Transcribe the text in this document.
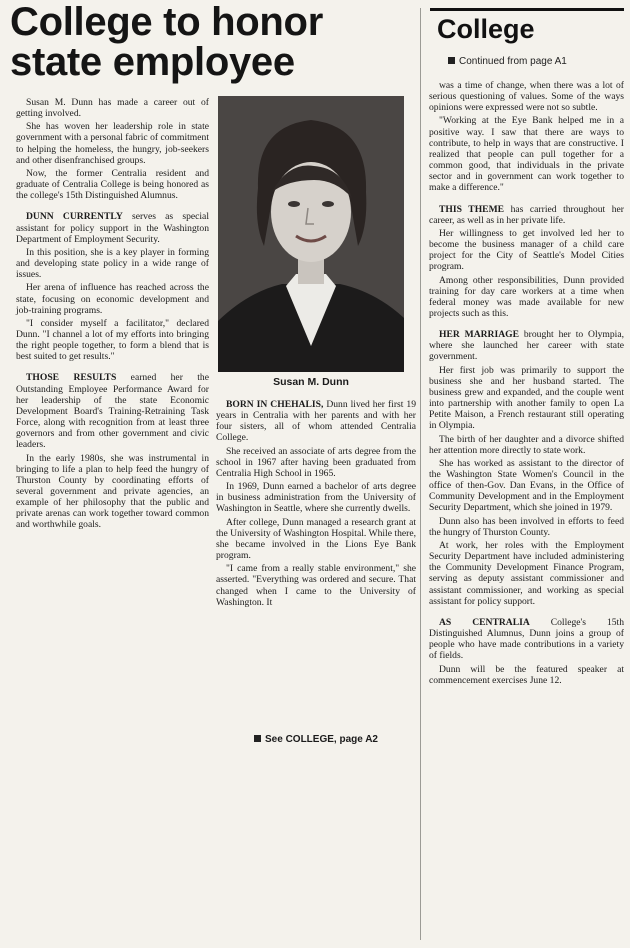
College to honor state employee
College
Continued from page A1

Susan M. Dunn has made a career out of getting involved.

She has woven her leadership role in state government with a personal fabric of commitment to helping the homeless, the hungry, job-seekers and other disenfranchised groups.

Now, the former Centralia resident and graduate of Centralia College is being honored as the college's 15th Distinguished Alumnus.

DUNN CURRENTLY serves as special assistant for policy support in the Washington Department of Employment Security.

In this position, she is a key player in forming and developing state policy in a wide range of issues.

Her arena of influence has reached across the state, focusing on economic development and job-training programs.

"I consider myself a facilitator," declared Dunn. "I channel a lot of my efforts into bringing the right people together, to form a blend that is best suited to get results."

THOSE RESULTS earned her the Outstanding Employee Performance Award for her leadership of the state Economic Development Board's Training-Retraining Task Force, along with recognition from at least three governors and from other government and civic leaders.

In the early 1980s, she was instrumental in bringing to life a plan to help feed the hungry of Thurston County by coordinating efforts of several government and private agencies, an example of her philosophy that the public and private arenas can work together toward common and worthwhile goals.

Susan M. Dunn

BORN IN CHEHALIS, Dunn lived her first 19 years in Centralia with her parents and with her four sisters, all of whom attended Centralia College.

She received an associate of arts degree from the school in 1967 after having been graduated from Centralia High School in 1965.

In 1969, Dunn earned a bachelor of arts degree in business administration from the University of Washington in Seattle, where she currently dwells.

After college, Dunn managed a research grant at the University of Washington Hospital. While there, she became involved in the Lions Eye Bank program.

"I came from a really stable environment," she asserted. "Everything was ordered and secure. That changed when I came to the University of Washington. It

See COLLEGE, page A2

was a time of change, when there was a lot of serious questioning of values. Some of the ways opinions were expressed were not so subtle.

"Working at the Eye Bank helped me in a positive way. I saw that there are ways to contribute, to help in ways that are constructive. I realized that people can pull together for a common good, that individuals in the private sector and in government can work together to make a difference."

THIS THEME has carried throughout her career, as well as in her private life.

Her willingness to get involved led her to become the business manager of a child care project for the City of Seattle's Model Cities program.

Among other responsibilities, Dunn provided training for day care workers at a time when federal money was made available for new projects such as this.

HER MARRIAGE brought her to Olympia, where she launched her career with state government.

Her first job was primarily to support the business she and her husband started. The business grew and expanded, and the couple went into partnership with another family to open La Petite Maison, a French restaurant still operating in Olympia.

The birth of her daughter and a divorce shifted her attention more directly to state work.

She has worked as assistant to the director of the Washington State Women's Council in the office of then-Gov. Dan Evans, in the Office of Community Development and in the Employment Security Department, which she joined in 1979.

Dunn also has been involved in efforts to feed the hungry of Thurston County.

At work, her roles with the Employment Security Department have included administering the Community Development Finance Program, serving as deputy assistant commissioner and assistant commissioner, and working as special assistant for policy support.

AS CENTRALIA College's 15th Distinguished Alumnus, Dunn joins a group of people who have made contributions in a variety of fields.

Dunn will be the featured speaker at commencement exercises June 12.
